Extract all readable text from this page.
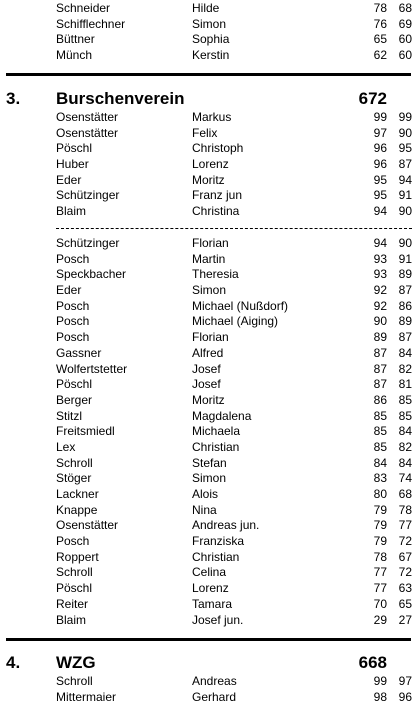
Schneider	Hilde	78 68
Schifflechner	Simon	76 69
Büttner	Sophia	65 60
Münch	Kerstin	62 60
3. Burschenverein	672
Osenstätter	Markus	99 99
Osenstätter	Felix	97 90
Pöschl	Christoph	96 95
Huber	Lorenz	96 87
Eder	Moritz	95 94
Schützinger	Franz jun	95 91
Blaim	Christina	94 90
Schützinger	Florian	94 90
Posch	Martin	93 91
Speckbacher	Theresia	93 89
Eder	Simon	92 87
Posch	Michael (Nußdorf)	92 86
Posch	Michael (Aiging)	90 89
Posch	Florian	89 87
Gassner	Alfred	87 84
Wolfertstetter	Josef	87 82
Pöschl	Josef	87 81
Berger	Moritz	86 85
Stitzl	Magdalena	85 85
Freitsmiedl	Michaela	85 84
Lex	Christian	85 82
Schroll	Stefan	84 84
Stöger	Simon	83 74
Lackner	Alois	80 68
Knappe	Nina	79 78
Osenstätter	Andreas jun.	79 77
Posch	Franziska	79 72
Roppert	Christian	78 67
Schroll	Celina	77 72
Pöschl	Lorenz	77 63
Reiter	Tamara	70 65
Blaim	Josef jun.	29 27
4. WZG	668
Schroll	Andreas	99 97
Mittermaier	Gerhard	98 96
